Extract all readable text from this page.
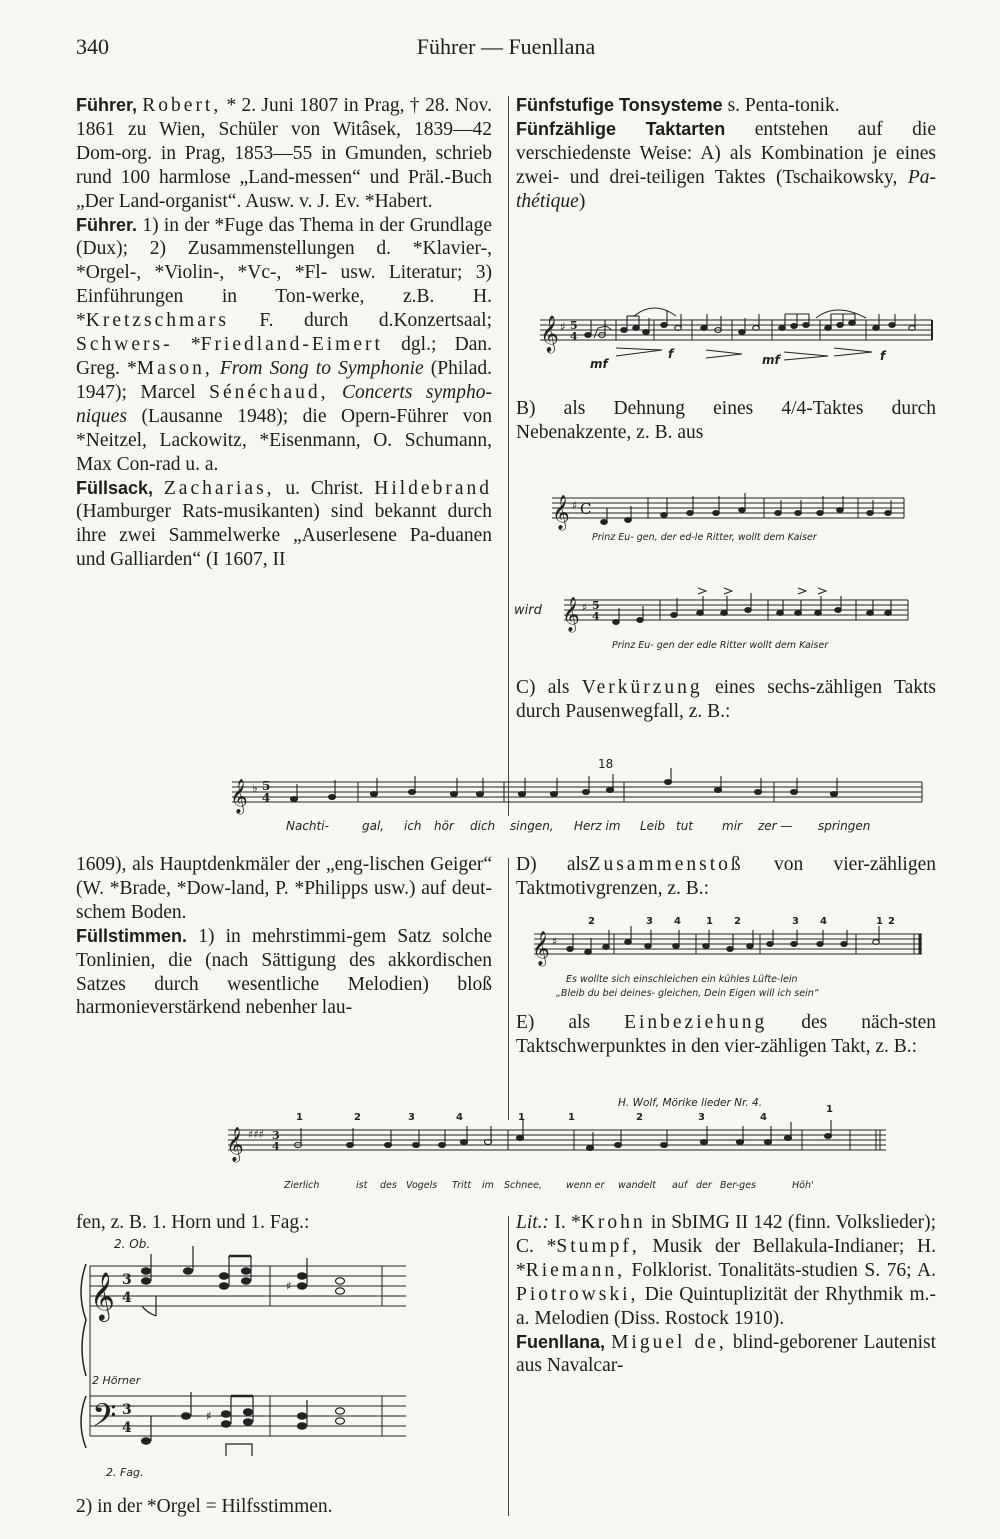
340	Führer — Fuenllana

Führer, Robert, * 2. Juni 1807 in Prag, † 28. Nov. 1861 zu Wien, Schüler von Witâsek, 1839—42 Dom-org. in Prag, 1853—55 in Gmunden, schrieb rund 100 harmlose „Land-messen“ und Präl.-Buch „Der Land-organist“. Ausw. v. J. Ev. *Habert.

Führer. 1) in der *Fuge das Thema in der Grundlage (Dux); 2) Zusammenstellungen d. *Klavier-, *Orgel-, *Violin-, *Vc-, *Fl- usw. Literatur; 3) Einführungen in Ton-werke, z.B. H. *Kretzschmars F. durch d.Konzertsaal; Schwers- *Friedland-Eimert dgl.; Dan. Greg. *Mason, From Song to Symphonie (Philad. 1947); Marcel Sénéchaud, Concerts sympho-niques (Lausanne 1948); die Opern-Führer von *Neitzel, Lackowitz, *Eisenmann, O. Schumann, Max Con-rad u. a.

Füllsack, Zacharias, u. Christ. Hildebrand (Hamburger Rats-musikanten) sind bekannt durch ihre zwei Sammelwerke „Auserlesene Pa-duanen und Galliarden“ (I 1607, II

1609), als Hauptdenkmäler der „eng-lischen Geiger“ (W. *Brade, *Dow-land, P. *Philipps usw.) auf deut-schem Boden.

Füllstimmen. 1) in mehrstimmi-gem Satz solche Tonlinien, die (nach Sättigung des akkordischen Satzes durch wesentliche Melodien) bloß harmonieverstärkend nebenher lau-

fen, z. B. 1. Horn und 1. Fag.:
2) in der *Orgel = Hilfsstimmen.

Fünfstufige Tonsysteme s. Penta-tonik.

Fünfzählige Taktarten entstehen auf die verschiedenste Weise: A) als Kombination je eines zwei- und drei-teiligen Taktes (Tschaikowsky, Pa-thétique)

B) als Dehnung eines 4/4-Taktes durch Nebenakzente, z. B. aus
C) als Verkürzung eines sechs-zähligen Takts durch Pausenwegfall, z. B.:
D) alsZusammenstoß von vier-zähligen Taktmotivgrenzen, z. B.:
E) als Einbeziehung des näch-sten Taktschwerpunktes in den vier-zähligen Takt, z. B.:

Lit.: I. *Krohn in SbIMG II 142 (finn. Volkslieder); C. *Stumpf, Musik der Bellakula-Indianer; H. *Riemann, Folklorist. Tonalitäts-studien S. 76; A. Piotrowski, Die Quintuplizität der Rhythmik m.-a. Melodien (Diss. Rostock 1910).

Fuenllana, Miguel de, blind-geborener Lautenist aus Navalcar-

𝄞 ♯ 5
4
mf
f	mf	f
𝄞 ♯ C
Prinz Eu- gen, der ed-le Ritter, wollt dem Kaiser
wird 𝄞 ♯ 5
4
Prinz Eu- gen der edle Ritter wollt dem Kaiser
18
𝄞 ♭ 5
4
Nachti-	gal, ich hör dich singen, Herz im Leib tut mir zer — springen
𝄞 ♯
2	3 4	1 2	3 4	1 2
Es wollte sich einschleichen ein kühles Lüfte-lein
„Bleib du bei deines- gleichen, Dein Eigen will ich sein“
H. Wolf, Mörike lieder Nr. 4.
𝄞 ♯♯♯ 3
4
1	2	3	4	1	1	2	3	4
1
Zierlich	ist des Vogels Tritt im Schnee,	wenn er wandelt auf der Ber-ges	Höh'
2. Ob.
𝄞
𝄢
3
4
3
4
♯
♯
2 Hörner
2. Fag.
